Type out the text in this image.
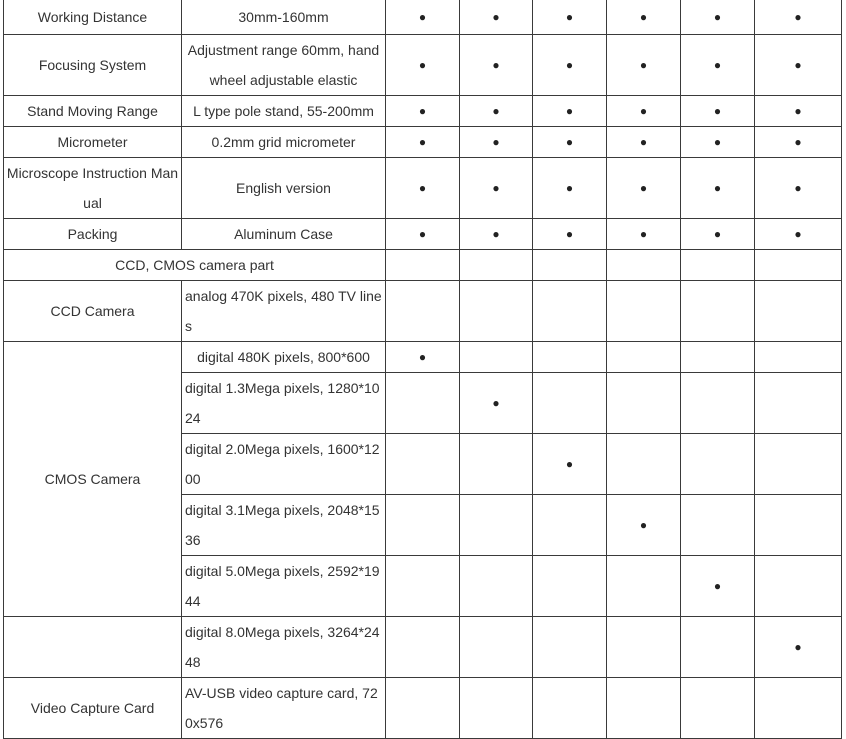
Working Distance	30mm-160mm	●	●	●	●	●	●
Focusing System	Adjustment range 60mm, hand wheel adjustable elastic	●	●	●	●	●	●
Stand Moving Range	L type pole stand, 55-200mm	●	●	●	●	●	●
Micrometer	0.2mm grid micrometer	●	●	●	●	●	●
Microscope Instruction Manual	English version	●	●	●	●	●	●
Packing	Aluminum Case	●	●	●	●	●	●
CCD, CMOS camera part							
CCD Camera	analog 470K pixels, 480 TV lines						
CMOS Camera	digital 480K pixels, 800*600	●					
	digital 1.3Mega pixels, 1280*1024		●				
	digital 2.0Mega pixels, 1600*1200			●			
	digital 3.1Mega pixels, 2048*1536				●		
	digital 5.0Mega pixels, 2592*1944					●	
	digital 8.0Mega pixels, 3264*2448						●
Video Capture Card	AV-USB video capture card, 720x576						
